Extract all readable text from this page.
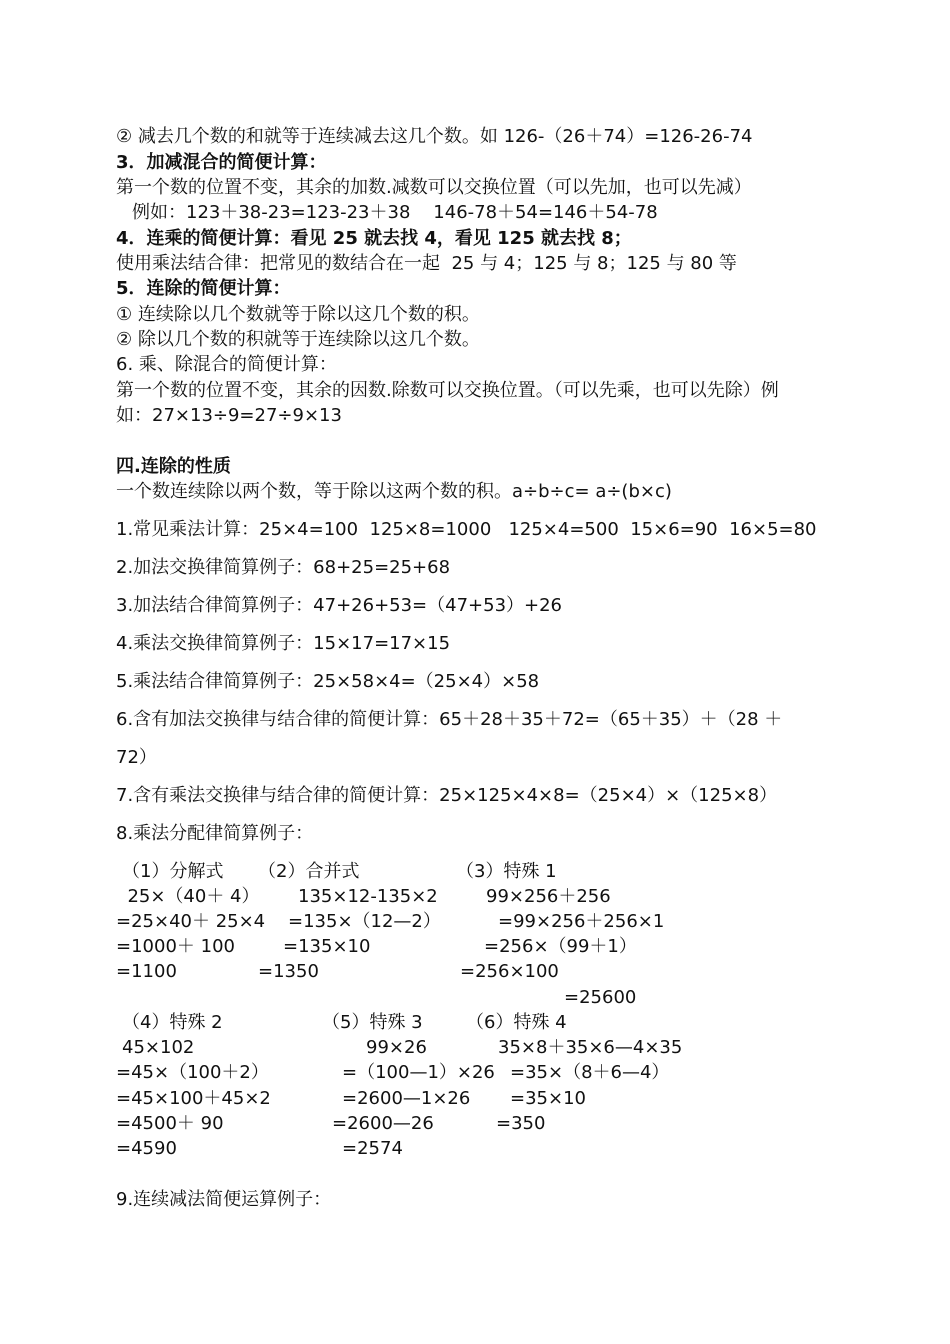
② 减去几个数的和就等于连续减去这几个数。如 126-（26＋74）=126-26-74
3．加减混合的简便计算：
第一个数的位置不变，其余的加数.减数可以交换位置（可以先加，也可以先减）
例如：123＋38-23=123-23＋38    146-78＋54=146＋54-78
4．连乘的简便计算：看见 25 就去找 4，看见 125 就去找 8；
使用乘法结合律：把常见的数结合在一起  25 与 4；125 与 8；125 与 80 等
5．连除的简便计算：
① 连续除以几个数就等于除以这几个数的积。
② 除以几个数的积就等于连续除以这几个数。
6. 乘、除混合的简便计算：
第一个数的位置不变，其余的因数.除数可以交换位置。（可以先乘，也可以先除）例
如：27×13÷9=27÷9×13
四.连除的性质
一个数连续除以两个数，等于除以这两个数的积。a÷b÷c= a÷(b×c)
1.常见乘法计算：25×4=100  125×8=1000   125×4=500  15×6=90  16×5=80
2.加法交换律简算例子：68+25=25+68
3.加法结合律简算例子：47+26+53=（47+53）+26
4.乘法交换律简算例子：15×17=17×15
5.乘法结合律简算例子：25×58×4=（25×4）×58
6.含有加法交换律与结合律的简便计算：65＋28＋35＋72=（65＋35）＋（28 ＋
72）
7.含有乘法交换律与结合律的简便计算：25×125×4×8=（25×4）×（125×8）
8.乘法分配律简算例子：
（1）分解式
25×（40＋ 4）
=25×40＋ 25×4
=1000＋ 100
=1100
（2）合并式
135×12-135×2
=135×（12—2）
=135×10
=1350
（3）特殊 1
99×256＋256
=99×256＋256×1
=256×（99＋1）
=256×100
=25600
（4）特殊 2
45×102
=45×（100＋2）
=45×100＋45×2
=4500＋ 90
=4590
（5）特殊 3
99×26
=（100—1）×26
=2600—1×26
=2600—26
=2574
（6）特殊 4
35×8＋35×6—4×35
=35×（8＋6—4）
=35×10
=350
9.连续减法简便运算例子：
